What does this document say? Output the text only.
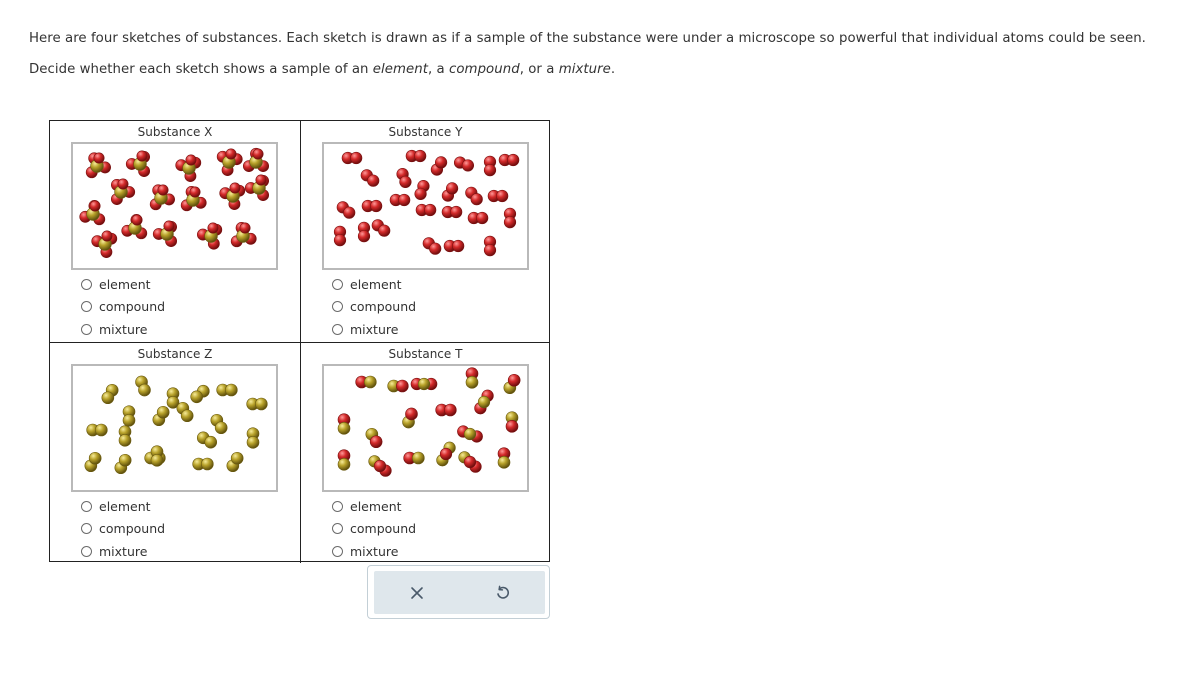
Here are four sketches of substances. Each sketch is drawn as if a sample of the substance were under a microscope so powerful that individual atoms could be seen.

Decide whether each sketch shows a sample of an element, a compound, or a mixture.

Substance X
element
compound
mixture
Substance Y
element
compound
mixture
Substance Z
element
compound
mixture
Substance T
element
compound
mixture
